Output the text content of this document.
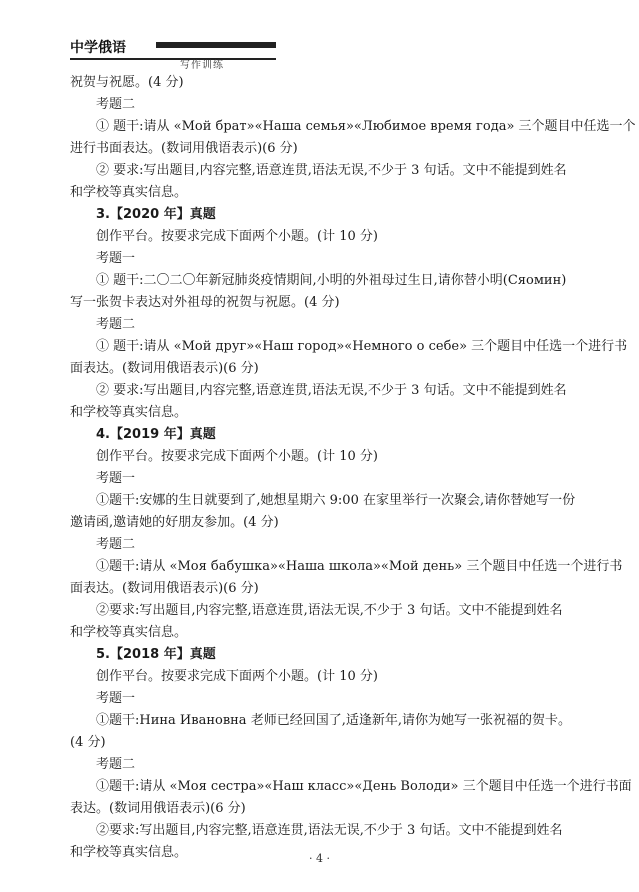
中学俄语
写作训练
祝贺与祝愿。(4 分)
考题二
① 题干:请从 «Мой брат»«Наша семья»«Любимое время года» 三个题目中任选一个
进行书面表达。(数词用俄语表示)(6 分)
② 要求:写出题目,内容完整,语意连贯,语法无误,不少于 3 句话。文中不能提到姓名
和学校等真实信息。
3.【2020 年】真题
创作平台。按要求完成下面两个小题。(计 10 分)
考题一
① 题干:二〇二〇年新冠肺炎疫情期间,小明的外祖母过生日,请你替小明(Сяомин)
写一张贺卡表达对外祖母的祝贺与祝愿。(4 分)
考题二
① 题干:请从 «Мой друг»«Наш город»«Немного о себе» 三个题目中任选一个进行书
面表达。(数词用俄语表示)(6 分)
② 要求:写出题目,内容完整,语意连贯,语法无误,不少于 3 句话。文中不能提到姓名
和学校等真实信息。
4.【2019 年】真题
创作平台。按要求完成下面两个小题。(计 10 分)
考题一
①题干:安娜的生日就要到了,她想星期六 9:00 在家里举行一次聚会,请你替她写一份
邀请函,邀请她的好朋友参加。(4 分)
考题二
①题干:请从 «Моя бабушка»«Наша школа»«Мой день» 三个题目中任选一个进行书
面表达。(数词用俄语表示)(6 分)
②要求:写出题目,内容完整,语意连贯,语法无误,不少于 3 句话。文中不能提到姓名
和学校等真实信息。
5.【2018 年】真题
创作平台。按要求完成下面两个小题。(计 10 分)
考题一
①题干:Нина Ивановна 老师已经回国了,适逢新年,请你为她写一张祝福的贺卡。
(4 分)
考题二
①题干:请从 «Моя сестра»«Наш класс»«День Володи» 三个题目中任选一个进行书面
表达。(数词用俄语表示)(6 分)
②要求:写出题目,内容完整,语意连贯,语法无误,不少于 3 句话。文中不能提到姓名
和学校等真实信息。	· 4 ·
